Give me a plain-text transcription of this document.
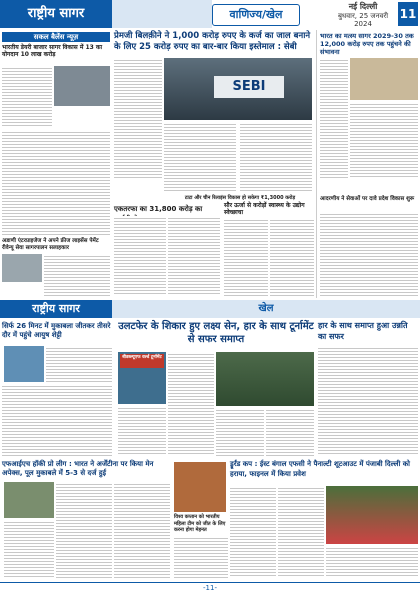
राष्ट्रीय सागर	वाणिज्य/खेल
नई दिल्ली
बुधवार, 25 जनवरी 2024
11
सकल बैलेंस न्यूज़
भारतीय डेयरी बाजार सागर विकास में 13 का योगदान 10 लाख करोड़
अडाणी एंटरप्राइजेज ने अपने फ्रीज लाइसेंस पेमेंट रीवेन्यू सेवा सागरपालन सलाहकार
प्रेमजी बिलक़ीने ने 1,000 करोड़ रुपए के कर्ज का जाल बनाने के लिए 25 करोड़ रुपए का बार-बार किया इस्तेमाल : सेबी
SEBI
टाटा और चीन रिलाइंस विकास हो सकेगा ₹1,3000 करोड़
एकतरफा का 31,800 करोड़ का	सौर ऊर्जा से करोड़ों स्वास्थ्य के उद्योग स्वेच्छाचा
भारत का मत्स्य सागर 2029-30 तक 12,000 करोड़ रुपए तक पहुंचने की संभावना
आदरणीय ने सेवाओं पर दावे प्रदेश विकास शुरू
राष्ट्रीय सागर	खेल
सिर्फ 26 मिनट में मुकाबला जीतकर तीसरे दौर में पहुंचे आयुष शेट्टी
उलटफेर के शिकार हुए लक्ष्य सेन, हार के साथ टूर्नामेंट से सफर समाप्त
बीडब्ल्यूएफ वर्ल्ड टूर्नामेंट
हार के साथ समाप्त हुआ उन्नति का सफर
एफआईएच हॉकी प्रो लीग : भारत ने अर्जेंटीना पर किया मेन अपेक्स, पूल मुकाबले में 5-3 से दर्ज हुई
विश्व कप्तान को भारतीय महिला टीम को जीत के लिए करना होगा मेहनत
ड्रूर्रंड कप : ईस्ट बंगाल एफसी ने पैनाल्टी शूटआउट में पंजाबी दिल्ली को हराया, फाइनल में किया प्रवेश
-11-
